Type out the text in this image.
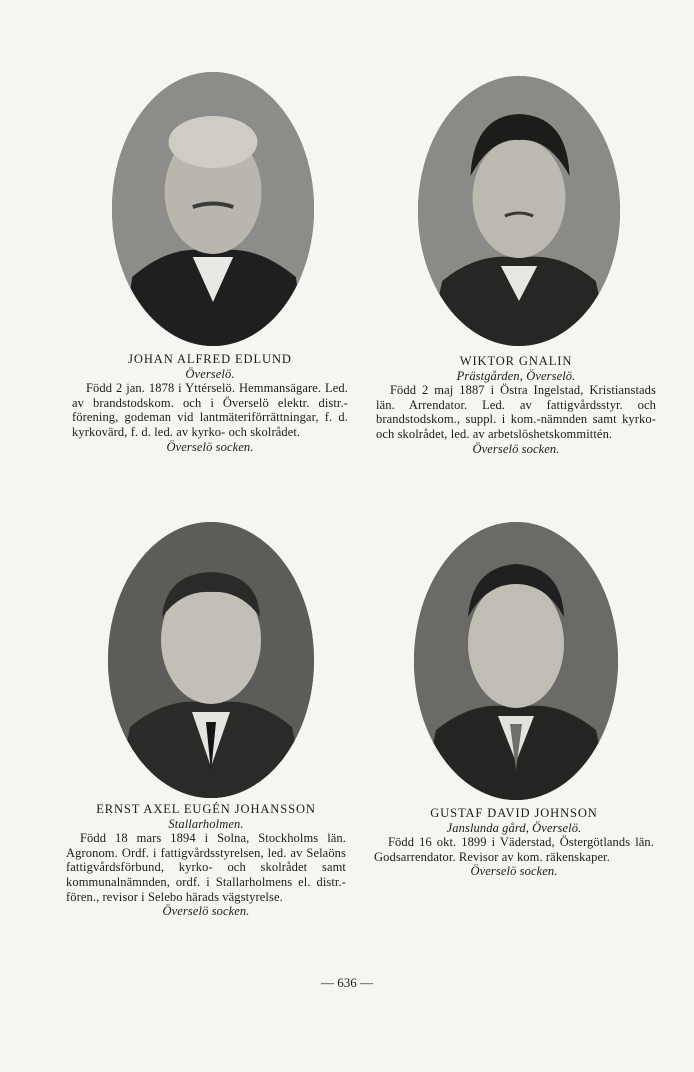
JOHAN ALFRED EDLUND
Överselö.
Född 2 jan. 1878 i Yttérselö. Hemmansägare. Led. av brandstodskom. och i Överselö elektr. distr.-förening, godeman vid lantmäteriförrättningar, f. d. kyrkovärd, f. d. led. av kyrko- och skolrådet.
Överselö socken.
WIKTOR GNALIN
Prästgården, Överselö.
Född 2 maj 1887 i Östra Ingelstad, Kristianstads län. Arrendator. Led. av fattigvårdsstyr. och brandstodskom., suppl. i kom.-nämnden samt kyrko- och skolrådet, led. av arbetslöshetskommittén.
Överselö socken.
ERNST AXEL EUGÉN JOHANSSON
Stallarholmen.
Född 18 mars 1894 i Solna, Stockholms län. Agronom. Ordf. i fattigvårdsstyrelsen, led. av Selaöns fattigvårdsförbund, kyrko- och skolrådet samt kommunalnämnden, ordf. i Stallarholmens el. distr.-fören., revisor i Selebo härads vägstyrelse.
Överselö socken.
GUSTAF DAVID JOHNSON
Janslunda gård, Överselö.
Född 16 okt. 1899 i Väderstad, Östergötlands län. Godsarrendator. Revisor av kom. räkenskaper.
Överselö socken.
— 636 —
